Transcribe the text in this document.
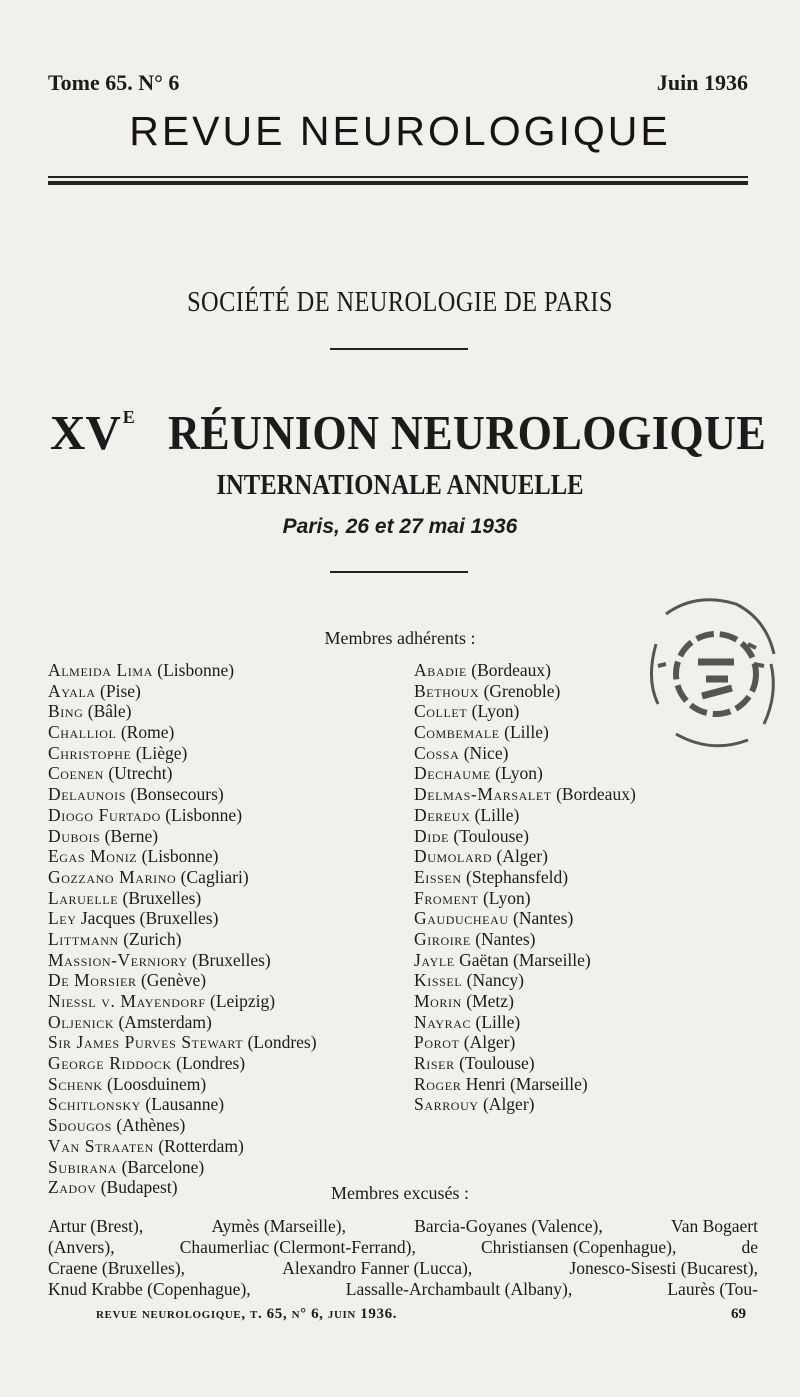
Tome 65. N° 6	Juin 1936
REVUE NEUROLOGIQUE
SOCIÉTÉ DE NEUROLOGIE DE PARIS
XV $^E$ RÉUNION NEUROLOGIQUE
INTERNATIONALE ANNUELLE
Paris, 26 et 27 mai 1936
Membres adhérents :
Almeida Lima (Lisbonne)
Ayala (Pise)
Bing (Bâle)
Challiol (Rome)
Christophe (Liège)
Coenen (Utrecht)
Delaunois (Bonsecours)
Diogo Furtado (Lisbonne)
Dubois (Berne)
Egas Moniz (Lisbonne)
Gozzano Marino (Cagliari)
Laruelle (Bruxelles)
Ley Jacques (Bruxelles)
Littmann (Zurich)
Massion-Verniory (Bruxelles)
De Morsier (Genève)
Niessl v. Mayendorf (Leipzig)
Oljenick (Amsterdam)
Sir James Purves Stewart (Londres)
George Riddock (Londres)
Schenk (Loosduinem)
Schitlonsky (Lausanne)
Sdougos (Athènes)
Van Straaten (Rotterdam)
Subirana (Barcelone)
Zadov (Budapest)
Abadie (Bordeaux)
Bethoux (Grenoble)
Collet (Lyon)
Combemale (Lille)
Cossa (Nice)
Dechaume (Lyon)
Delmas-Marsalet (Bordeaux)
Dereux (Lille)
Dide (Toulouse)
Dumolard (Alger)
Eissen (Stephansfeld)
Froment (Lyon)
Gauducheau (Nantes)
Giroire (Nantes)
Jayle Gaëtan (Marseille)
Kissel (Nancy)
Morin (Metz)
Nayrac (Lille)
Porot (Alger)
Riser (Toulouse)
Roger Henri (Marseille)
Sarrouy (Alger)
Membres excusés :
Artur (Brest),	Aymès (Marseille),	Barcia-Goyanes (Valence),	Van Bogaert
(Anvers),	Chaumerliac (Clermont-Ferrand),	Christiansen (Copenhague),	de
Craene (Bruxelles),	Alexandro Fanner (Lucca),	Jonesco-Sisesti (Bucarest),
Knud Krabbe (Copenhague),	Lassalle-Archambault (Albany),	Laurès (Tou-
revue neurologique, t. 65, n° 6, juin 1936.	69
